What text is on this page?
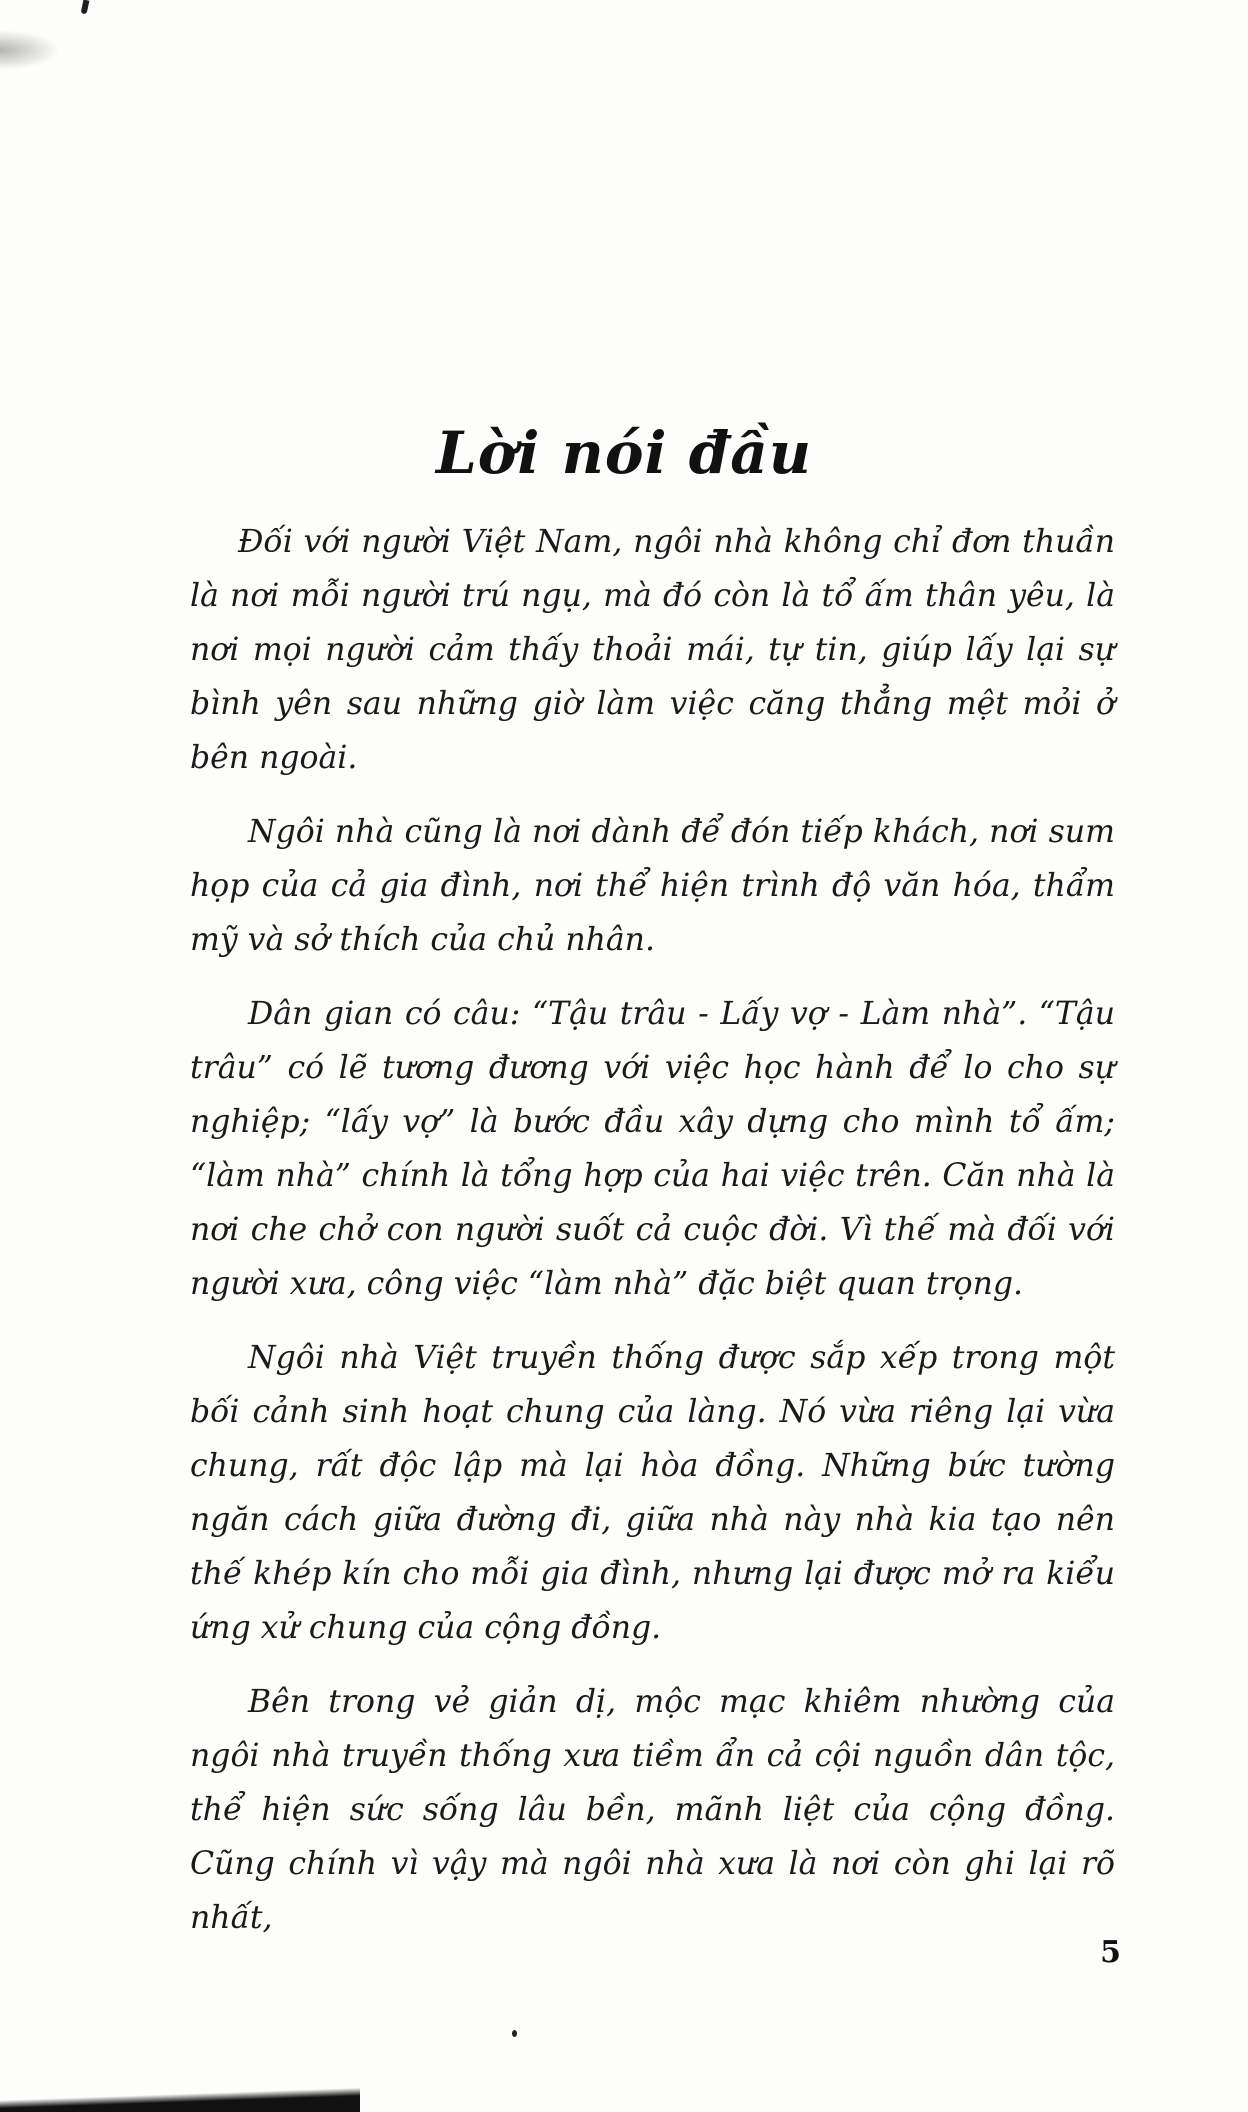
Lời nói đầu

Đối với người Việt Nam, ngôi nhà không chỉ đơn thuần là nơi mỗi người trú ngụ, mà đó còn là tổ ấm thân yêu, là nơi mọi người cảm thấy thoải mái, tự tin, giúp lấy lại sự bình yên sau những giờ làm việc căng thẳng mệt mỏi ở bên ngoài.

Ngôi nhà cũng là nơi dành để đón tiếp khách, nơi sum họp của cả gia đình, nơi thể hiện trình độ văn hóa, thẩm mỹ và sở thích của chủ nhân.

Dân gian có câu: “Tậu trâu - Lấy vợ - Làm nhà”. “Tậu trâu” có lẽ tương đương với việc học hành để lo cho sự nghiệp; “lấy vợ” là bước đầu xây dựng cho mình tổ ấm; “làm nhà” chính là tổng hợp của hai việc trên. Căn nhà là nơi che chở con người suốt cả cuộc đời. Vì thế mà đối với người xưa, công việc “làm nhà” đặc biệt quan trọng.

Ngôi nhà Việt truyền thống được sắp xếp trong một bối cảnh sinh hoạt chung của làng. Nó vừa riêng lại vừa chung, rất độc lập mà lại hòa đồng. Những bức tường ngăn cách giữa đường đi, giữa nhà này nhà kia tạo nên thế khép kín cho mỗi gia đình, nhưng lại được mở ra kiểu ứng xử chung của cộng đồng.

Bên trong vẻ giản dị, mộc mạc khiêm nhường của ngôi nhà truyền thống xưa tiềm ẩn cả cội nguồn dân tộc, thể hiện sức sống lâu bền, mãnh liệt của cộng đồng. Cũng chính vì vậy mà ngôi nhà xưa là nơi còn ghi lại rõ nhất,

5
